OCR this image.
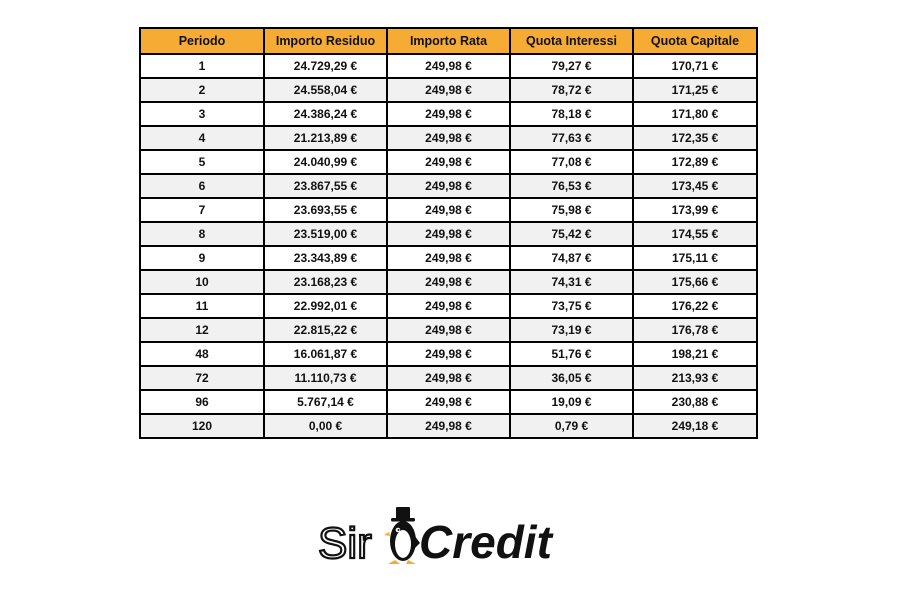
Periodo	Importo Residuo	Importo Rata	Quota Interessi	Quota Capitale
1	24.729,29 €	249,98 €	79,27 €	170,71 €
2	24.558,04 €	249,98 €	78,72 €	171,25 €
3	24.386,24 €	249,98 €	78,18 €	171,80 €
4	21.213,89 €	249,98 €	77,63 €	172,35 €
5	24.040,99 €	249,98 €	77,08 €	172,89 €
6	23.867,55 €	249,98 €	76,53 €	173,45 €
7	23.693,55 €	249,98 €	75,98 €	173,99 €
8	23.519,00 €	249,98 €	75,42 €	174,55 €
9	23.343,89 €	249,98 €	74,87 €	175,11 €
10	23.168,23 €	249,98 €	74,31 €	175,66 €
11	22.992,01 €	249,98 €	73,75 €	176,22 €
12	22.815,22 €	249,98 €	73,19 €	176,78 €
48	16.061,87 €	249,98 €	51,76 €	198,21 €
72	11.110,73 €	249,98 €	36,05 €	213,93 €
96	5.767,14 €	249,98 €	19,09 €	230,88 €
120	0,00 €	249,98 €	0,79 €	249,18 €
Sir Credit
